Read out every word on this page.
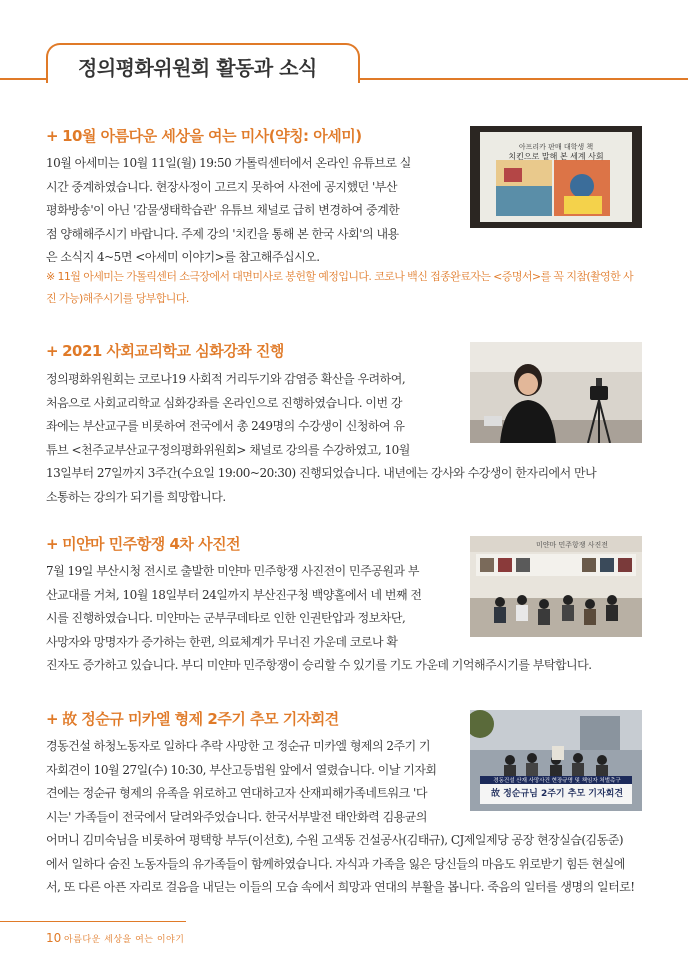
정의평화위원회 활동과 소식
+ 10월 아름다운 세상을 여는 미사(약칭: 아세미)

10월 아세미는 10월 11일(월) 19:50 가톨릭센터에서 온라인 유튜브로 실

시간 중계하였습니다. 현장사정이 고르지 못하여 사전에 공지했던 '부산

평화방송'이 아닌 '감물생태학습관' 유튜브 채널로 급히 변경하여 중계한

점 양해해주시기 바랍니다. 주제 강의 '치킨을 통해 본 한국 사회'의 내용

은 소식지 4~5면 <아세미 이야기>를 참고해주십시오.

※ 11월 아세미는 가톨릭센터 소극장에서 대면미사로 봉헌할 예정입니다. 코로나 백신 접종완료자는 <증명서>를 꼭 지참(촬영한 사진 가능)해주시기를 당부합니다.
아프리카 판매 대학생 책
치킨으로 말해 본 세계 사회
+ 2021 사회교리학교 심화강좌 진행

정의평화위원회는 코로나19 사회적 거리두기와 감염증 확산을 우려하여,

처음으로 사회교리학교 심화강좌를 온라인으로 진행하였습니다. 이번 강

좌에는 부산교구를 비롯하여 전국에서 총 249명의 수강생이 신청하여 유

튜브 <천주교부산교구정의평화위원회> 채널로 강의를 수강하였고, 10월

13일부터 27일까지 3주간(수요일 19:00~20:30) 진행되었습니다. 내년에는 강사와 수강생이 한자리에서 만나

소통하는 강의가 되기를 희망합니다.

+ 미얀마 민주항쟁 4차 사진전

7월 19일 부산시청 전시로 출발한 미얀마 민주항쟁 사진전이 민주공원과 부

산교대를 거쳐, 10월 18일부터 24일까지 부산진구청 백양홀에서 네 번째 전

시를 진행하였습니다. 미얀마는 군부쿠데타로 인한 인권탄압과 정보차단,

사망자와 망명자가 증가하는 한편, 의료체계가 무너진 가운데 코로나 확

진자도 증가하고 있습니다. 부디 미얀마 민주항쟁이 승리할 수 있기를 기도 가운데 기억해주시기를 부탁합니다.

미얀마 민주항쟁 사진전
+ 故 정순규 미카엘 형제 2주기 추모 기자회견

경동건설 하청노동자로 일하다 추락 사망한 고 정순규 미카엘 형제의 2주기 기

자회견이 10월 27일(수) 10:30, 부산고등법원 앞에서 열렸습니다. 이날 기자회

견에는 정순규 형제의 유족을 위로하고 연대하고자 산재피해가족네트워크 '다

시는' 가족들이 전국에서 달려와주었습니다. 한국서부발전 태안화력 김용균의

어머니 김미숙님을 비롯하여 평택항 부두(이선호), 수원 고색동 건설공사(김태규), CJ제일제당 공장 현장실습(김동준)

에서 일하다 숨진 노동자들의 유가족들이 함께하였습니다. 자식과 가족을 잃은 당신들의 마음도 위로받기 힘든 현실에

서, 또 다른 아픈 자리로 걸음을 내딛는 이들의 모습 속에서 희망과 연대의 부활을 봅니다. 죽음의 일터를 생명의 일터로!

경동건설 산재 사망사건 현장규명 및 책임자 처벌촉구
故 정순규님 2주기 추모 기자회견
10 아름다운 세상을 여는 이야기
